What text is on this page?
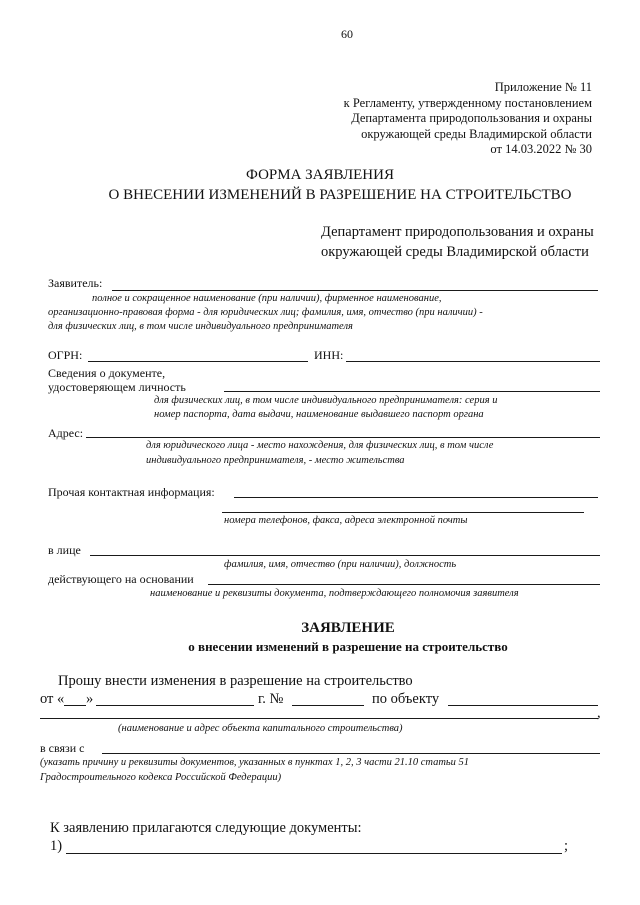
60
Приложение № 11
к Регламенту, утвержденному постановлением
Департамента природопользования и охраны
окружающей среды Владимирской области
от 14.03.2022 № 30
ФОРМА ЗАЯВЛЕНИЯ
О ВНЕСЕНИИ ИЗМЕНЕНИЙ В РАЗРЕШЕНИЕ НА СТРОИТЕЛЬСТВО
Департамент природопользования и охраны
окружающей среды Владимирской области
Заявитель:
полное и сокращенное наименование (при наличии), фирменное наименование,
организационно-правовая форма - для юридических лиц; фамилия, имя, отчество (при наличии) -
для физических лиц, в том числе индивидуального предпринимателя
ОГРН:	ИНН:
Сведения о документе,
удостоверяющем личность
для физических лиц, в том числе индивидуального предпринимателя: серия и
номер паспорта, дата выдачи, наименование выдавшего паспорт органа
Адрес:
для юридического лица - место нахождения, для физических лиц, в том числе
индивидуального предпринимателя, - место жительства
Прочая контактная информация:
номера телефонов, факса, адреса электронной почты
в лице
фамилия, имя, отчество (при наличии), должность
действующего на основании
наименование и реквизиты документа, подтверждающего полномочия заявителя
ЗАЯВЛЕНИЕ
о внесении изменений в разрешение на строительство
Прошу внести изменения в разрешение на строительство
от « »	г. №	по объекту
,
(наименование и адрес объекта капитального строительства)
в связи с
(указать причину и реквизиты документов, указанных в пунктах 1, 2, 3 части 21.10 статьи 51
Градостроительного кодекса Российской Федерации)
К заявлению прилагаются следующие документы:
1)	;
